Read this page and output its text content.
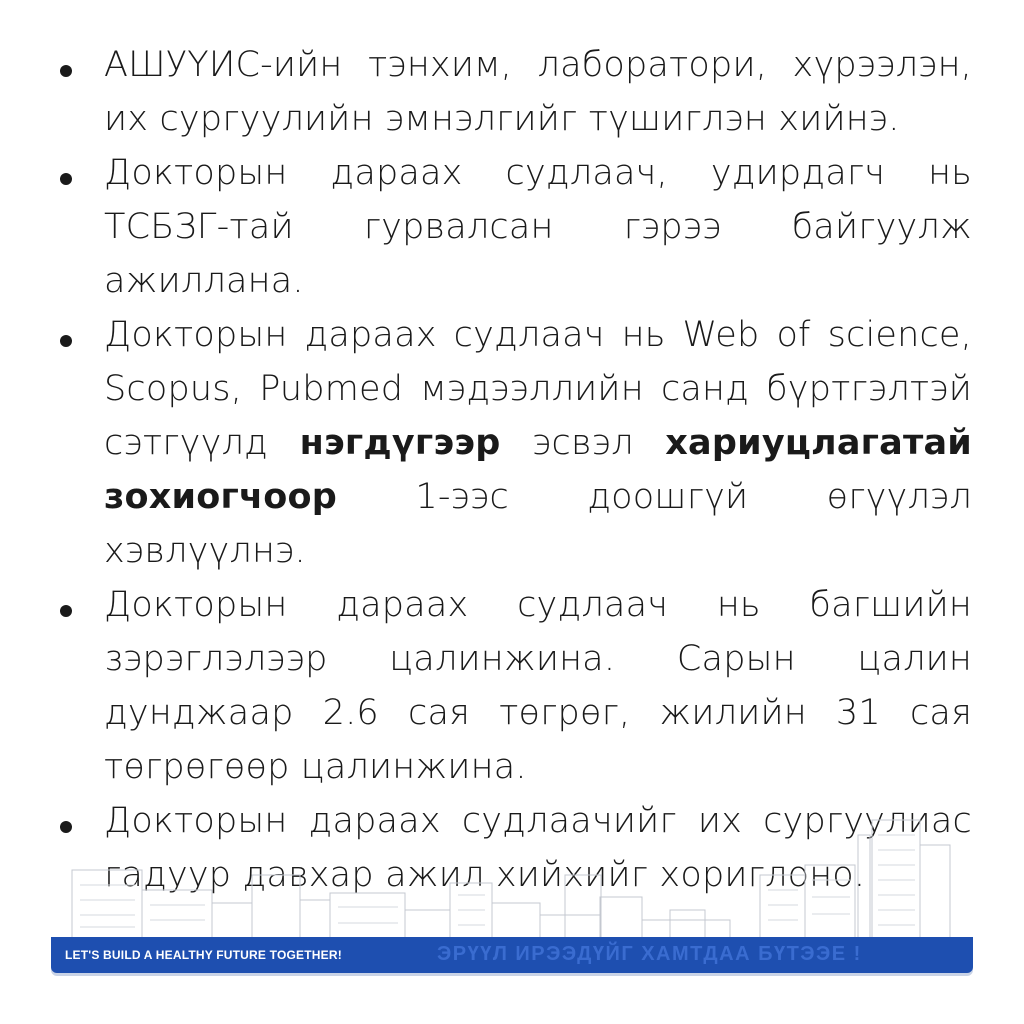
АШУҮИС-ийн тэнхим, лаборатори, хүрээлэн, их сургуулийн эмнэлгийг түшиглэн хийнэ.
Докторын дараах судлаач, удирдагч нь ТСБЗГ-тай гурвалсан гэрээ байгуулж ажиллана.
Докторын дараах судлаач нь Web of science, Scopus, Pubmed мэдээллийн санд бүртгэлтэй сэтгүүлд нэгдүгээр эсвэл хариуцлагатай зохиогчоор 1-ээс доошгүй өгүүлэл хэвлүүлнэ.
Докторын дараах судлаач нь багшийн зэрэглэлээр цалинжина. Сарын цалин дунджаар 2.6 сая төгрөг, жилийн 31 сая төгрөгөөр цалинжина.
Докторын дараах судлаачийг их сургуулиас гадуур давхар ажил хийхийг хориглоно.
LET'S BUILD A HEALTHY FUTURE TOGETHER!	ЭРҮҮЛ ИРЭЭДҮЙГ ХАМТДАА БҮТЭЭЕ !
